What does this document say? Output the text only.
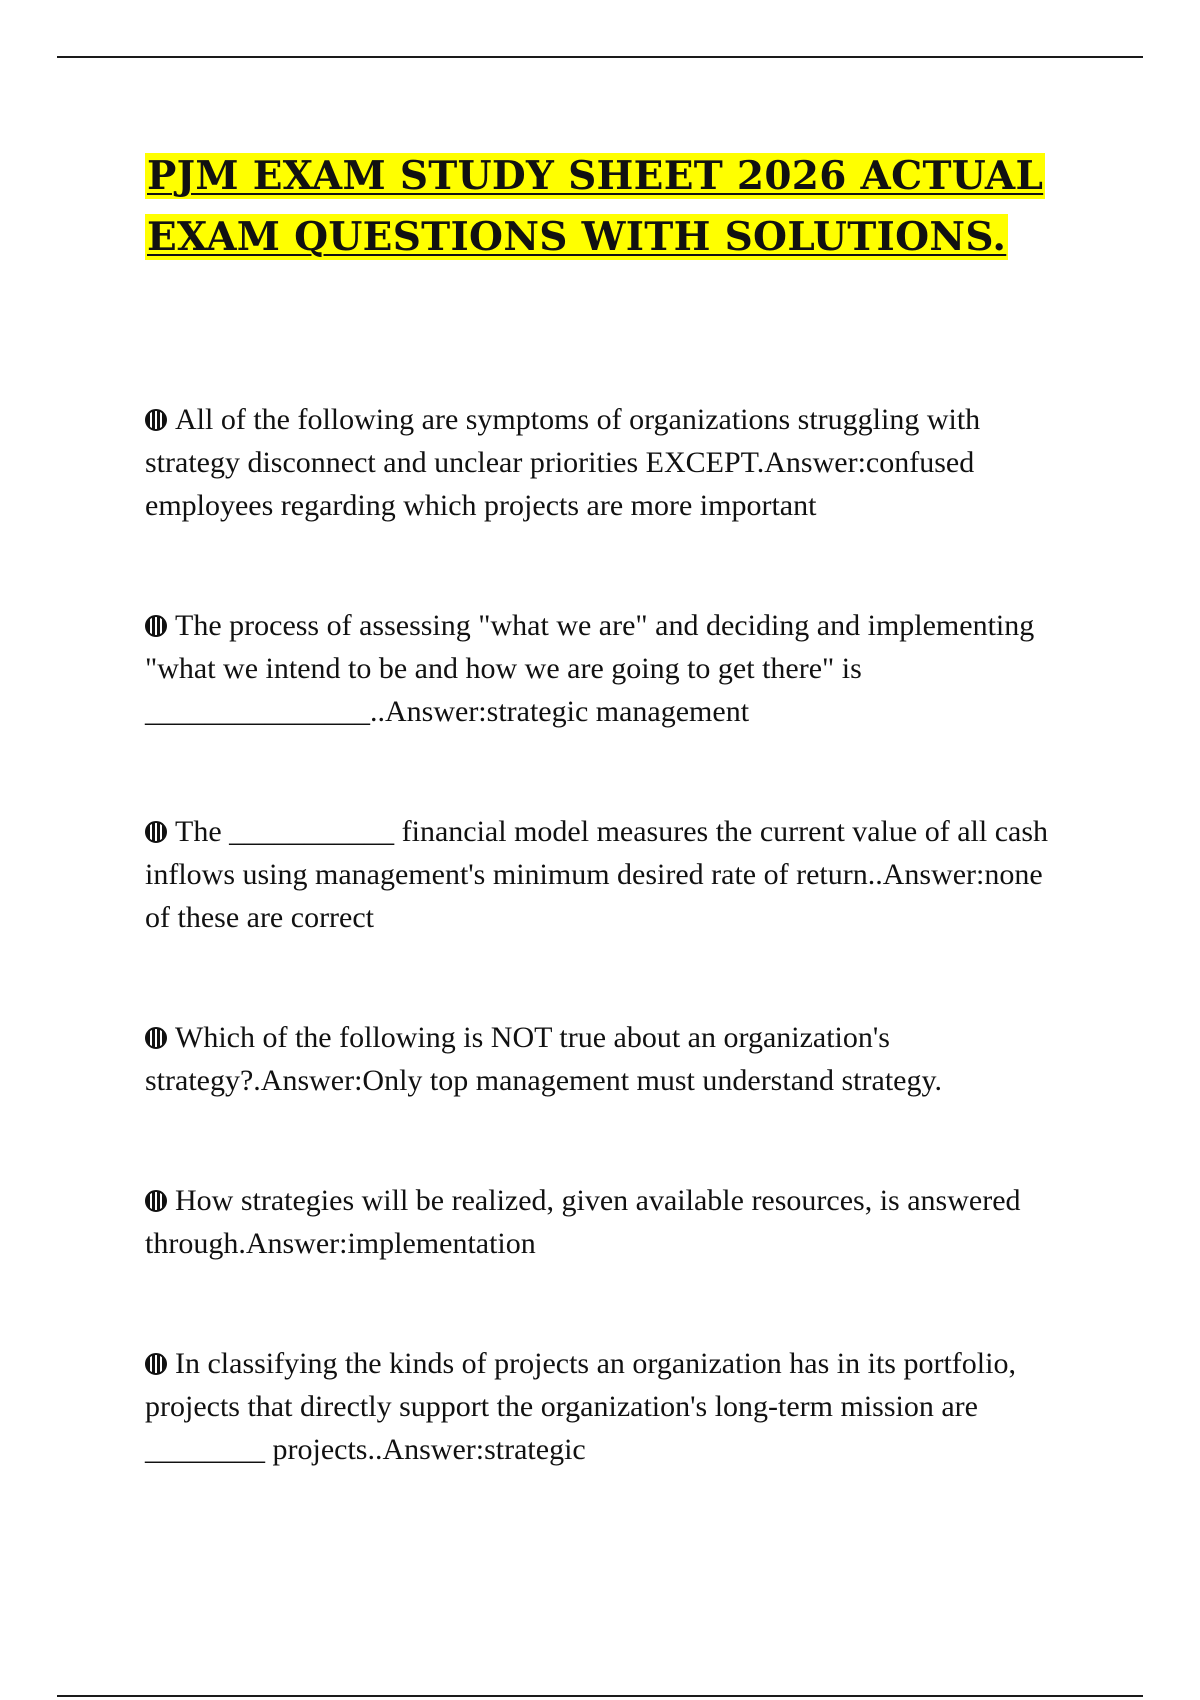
PJM EXAM STUDY SHEET 2026 ACTUAL
EXAM QUESTIONS WITH SOLUTIONS.

All of the following are symptoms of organizations struggling with strategy disconnect and unclear priorities EXCEPT.Answer:confused employees regarding which projects are more important

The process of assessing "what we are" and deciding and implementing "what we intend to be and how we are going to get there" is _______________..Answer:strategic management

The ___________ financial model measures the current value of all cash inflows using management's minimum desired rate of return..Answer:none of these are correct

Which of the following is NOT true about an organization's strategy?.Answer:Only top management must understand strategy.

How strategies will be realized, given available resources, is answered through.Answer:implementation

In classifying the kinds of projects an organization has in its portfolio, projects that directly support the organization's long-term mission are ________ projects..Answer:strategic
